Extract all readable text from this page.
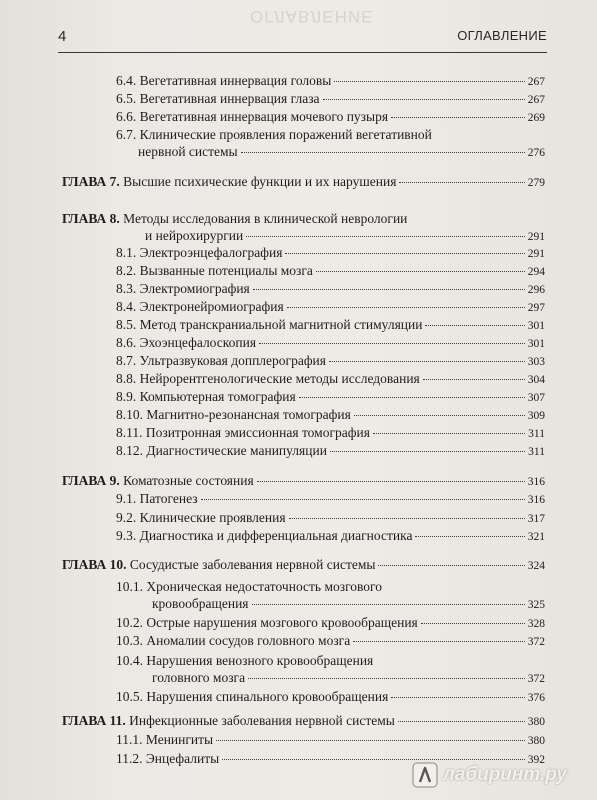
ОГЛАВЛЕНИЕ
4	ОГЛАВЛЕНИЕ
6.4. Вегетативная иннервация головы	267
6.5. Вегетативная иннервация глаза	267
6.6. Вегетативная иннервация мочевого пузыря	269
6.7. Клинические проявления поражений вегетативной
нервной системы	276
ГЛАВА 7. Высшие психические функции и их нарушения	279
ГЛАВА 8. Методы исследования в клинической неврологии
и нейрохирургии	291
8.1. Электроэнцефалография	291
8.2. Вызванные потенциалы мозга	294
8.3. Электромиография	296
8.4. Электронейромиография	297
8.5. Метод транскраниальной магнитной стимуляции	301
8.6. Эхоэнцефалоскопия	301
8.7. Ультразвуковая допплерография	303
8.8. Нейрорентгенологические методы исследования	304
8.9. Компьютерная томография	307
8.10. Магнитно-резонансная томография	309
8.11. Позитронная эмиссионная томография	311
8.12. Диагностические манипуляции	311
ГЛАВА 9. Коматозные состояния	316
9.1. Патогенез	316
9.2. Клинические проявления	317
9.3. Диагностика и дифференциальная диагностика	321
ГЛАВА 10. Сосудистые заболевания нервной системы	324
10.1. Хроническая недостаточность мозгового
кровообращения	325
10.2. Острые нарушения мозгового кровообращения	328
10.3. Аномалии сосудов головного мозга	372
10.4. Нарушения венозного кровообращения
головного мозга	372
10.5. Нарушения спинального кровообращения	376
ГЛАВА 11. Инфекционные заболевания нервной системы	380
11.1. Менингиты	380
11.2. Энцефалиты	392
лабиринт.ру
